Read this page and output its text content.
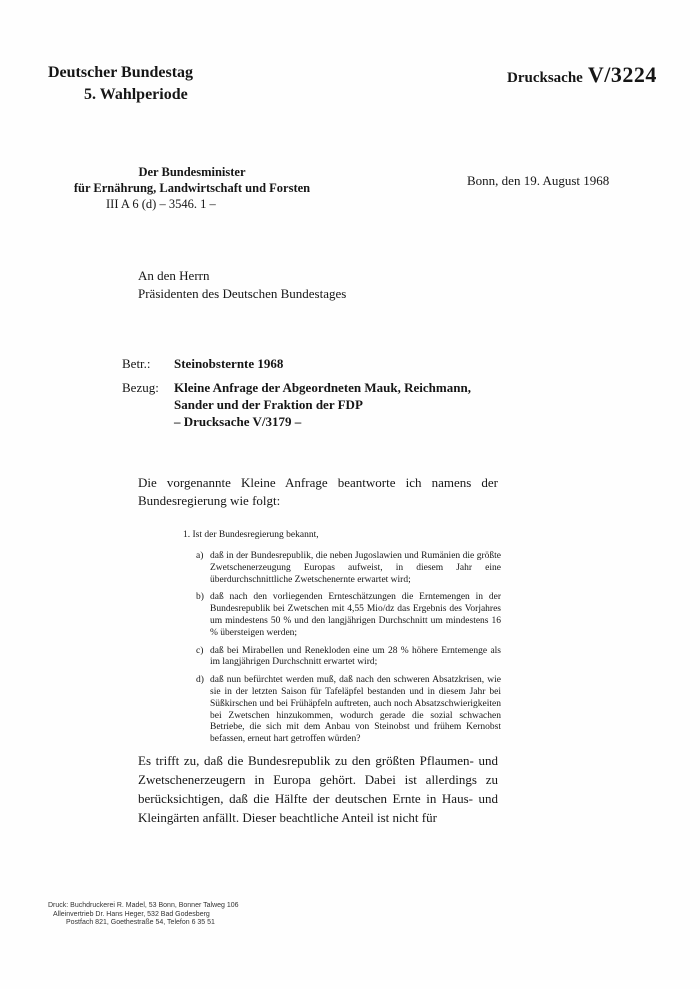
Deutscher Bundestag
5. Wahlperiode
Drucksache V/3224
Der Bundesminister
für Ernährung, Landwirtschaft und Forsten
III A 6 (d) – 3546. 1 –
Bonn, den 19. August 1968
An den Herrn
Präsidenten des Deutschen Bundestages
Betr.: Steinobsternte 1968
Bezug: Kleine Anfrage der Abgeordneten Mauk, Reichmann,
Sander und der Fraktion der FDP
– Drucksache V/3179 –
Die vorgenannte Kleine Anfrage beantworte ich namens der Bundesregierung wie folgt:
1. Ist der Bundesregierung bekannt,
a) daß in der Bundesrepublik, die neben Jugoslawien und Rumänien die größte Zwetschenerzeugung Europas aufweist, in diesem Jahr eine überdurchschnittliche Zwetschenernte erwartet wird;
b) daß nach den vorliegenden Ernteschätzungen die Erntemengen in der Bundesrepublik bei Zwetschen mit 4,55 Mio/dz das Ergebnis des Vorjahres um mindestens 50 % und den langjährigen Durchschnitt um mindestens 16 % übersteigen werden;
c) daß bei Mirabellen und Renekloden eine um 28 % höhere Erntemenge als im langjährigen Durchschnitt erwartet wird;
d) daß nun befürchtet werden muß, daß nach den schweren Absatzkrisen, wie sie in der letzten Saison für Tafeläpfel bestanden und in diesem Jahr bei Süßkirschen und bei Frühäpfeln auftreten, auch noch Absatzschwierigkeiten bei Zwetschen hinzukommen, wodurch gerade die sozial schwachen Betriebe, die sich mit dem Anbau von Steinobst und frühem Kernobst befassen, erneut hart getroffen würden?
Es trifft zu, daß die Bundesrepublik zu den größten Pflaumen- und Zwetschenerzeugern in Europa gehört. Dabei ist allerdings zu berücksichtigen, daß die Hälfte der deutschen Ernte in Haus- und Kleingärten anfällt. Dieser beachtliche Anteil ist nicht für
Druck: Buchdruckerei R. Madel, 53 Bonn, Bonner Talweg 106
Alleinvertrieb Dr. Hans Heger, 532 Bad Godesberg
Postfach 821, Goethestraße 54, Telefon 6 35 51
